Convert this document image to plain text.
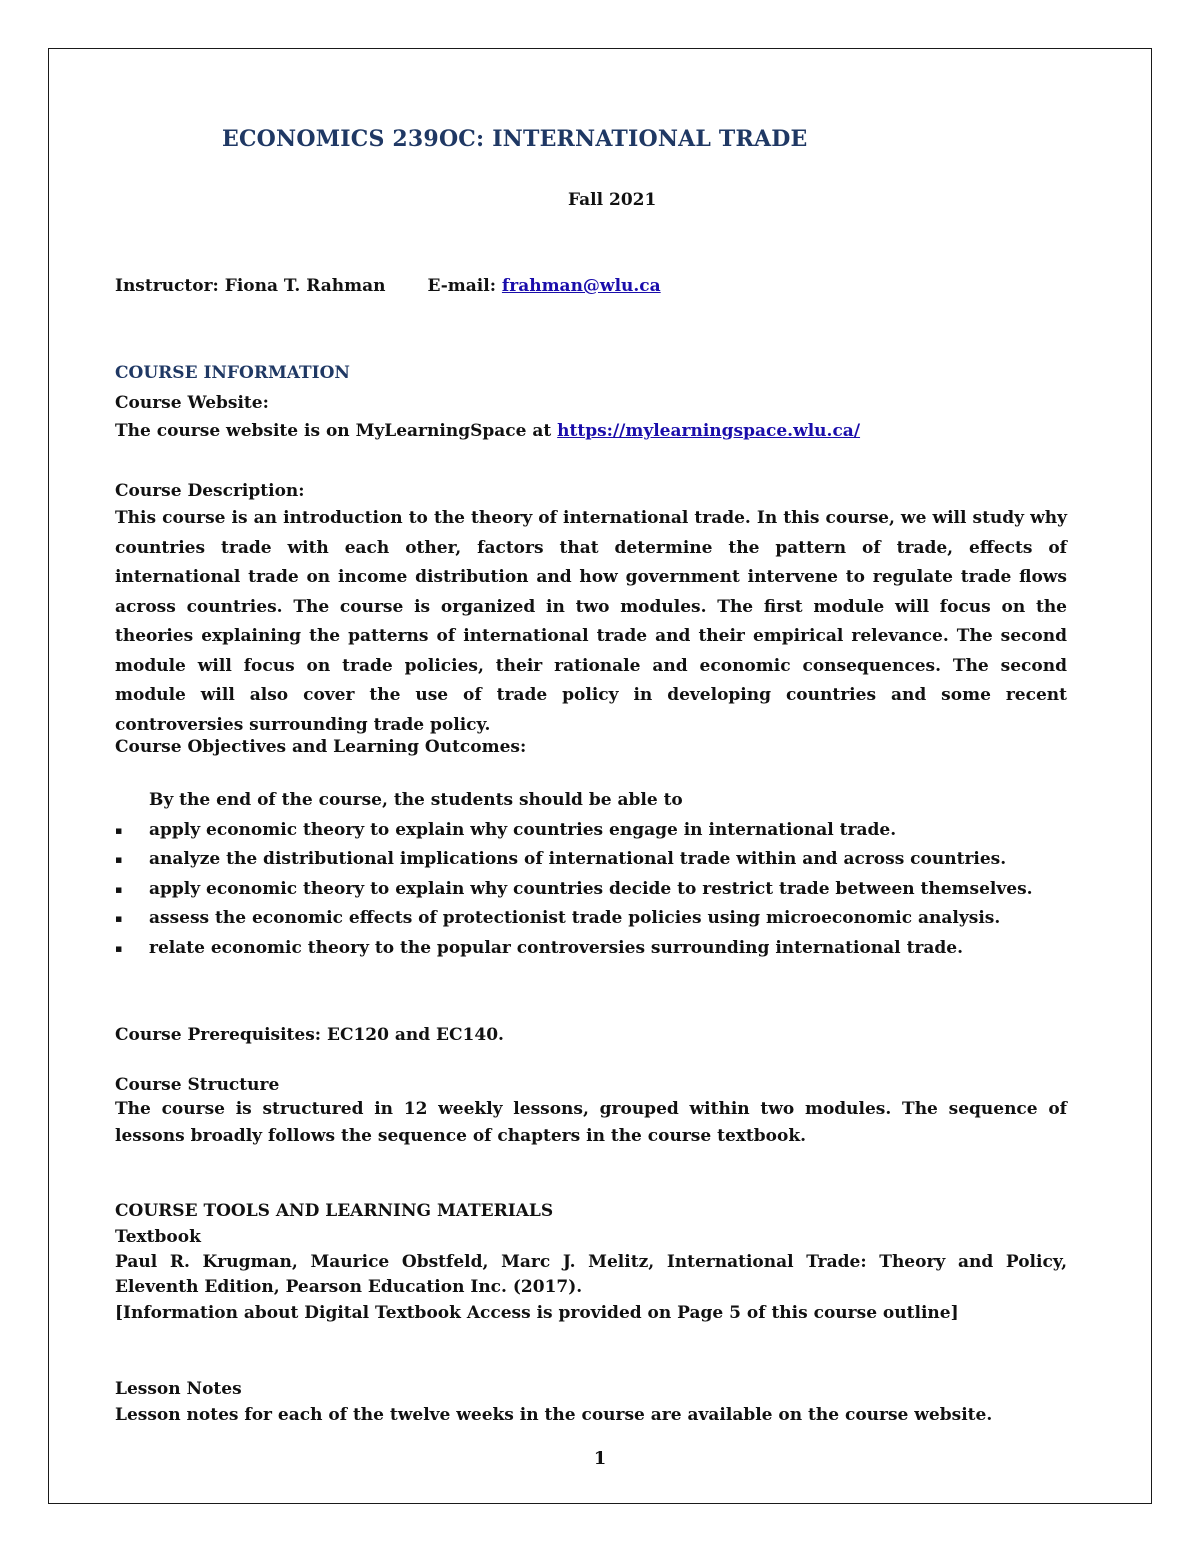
ECONOMICS 239OC: INTERNATIONAL TRADE

Fall 2021

Instructor: Fiona T. Rahman E-mail: frahman@wlu.ca

COURSE INFORMATION

Course Website:

The course website is on MyLearningSpace at https://mylearningspace.wlu.ca/

Course Description:

This course is an introduction to the theory of international trade. In this course, we will study why countries trade with each other, factors that determine the pattern of trade, effects of international trade on income distribution and how government intervene to regulate trade flows across countries. The course is organized in two modules. The first module will focus on the theories explaining the patterns of international trade and their empirical relevance. The second module will focus on trade policies, their rationale and economic consequences. The second module will also cover the use of trade policy in developing countries and some recent controversies surrounding trade policy.

Course Objectives and Learning Outcomes:

By the end of the course, the students should be able to

▪ apply economic theory to explain why countries engage in international trade.
▪ analyze the distributional implications of international trade within and across countries.
▪ apply economic theory to explain why countries decide to restrict trade between themselves.
▪ assess the economic effects of protectionist trade policies using microeconomic analysis.
▪ relate economic theory to the popular controversies surrounding international trade.

Course Prerequisites: EC120 and EC140.

Course Structure

The course is structured in 12 weekly lessons, grouped within two modules. The sequence of lessons broadly follows the sequence of chapters in the course textbook.

COURSE TOOLS AND LEARNING MATERIALS

Textbook

Paul R. Krugman, Maurice Obstfeld, Marc J. Melitz, International Trade: Theory and Policy, Eleventh Edition, Pearson Education Inc. (2017).

[Information about Digital Textbook Access is provided on Page 5 of this course outline]

Lesson Notes

Lesson notes for each of the twelve weeks in the course are available on the course website.

1
